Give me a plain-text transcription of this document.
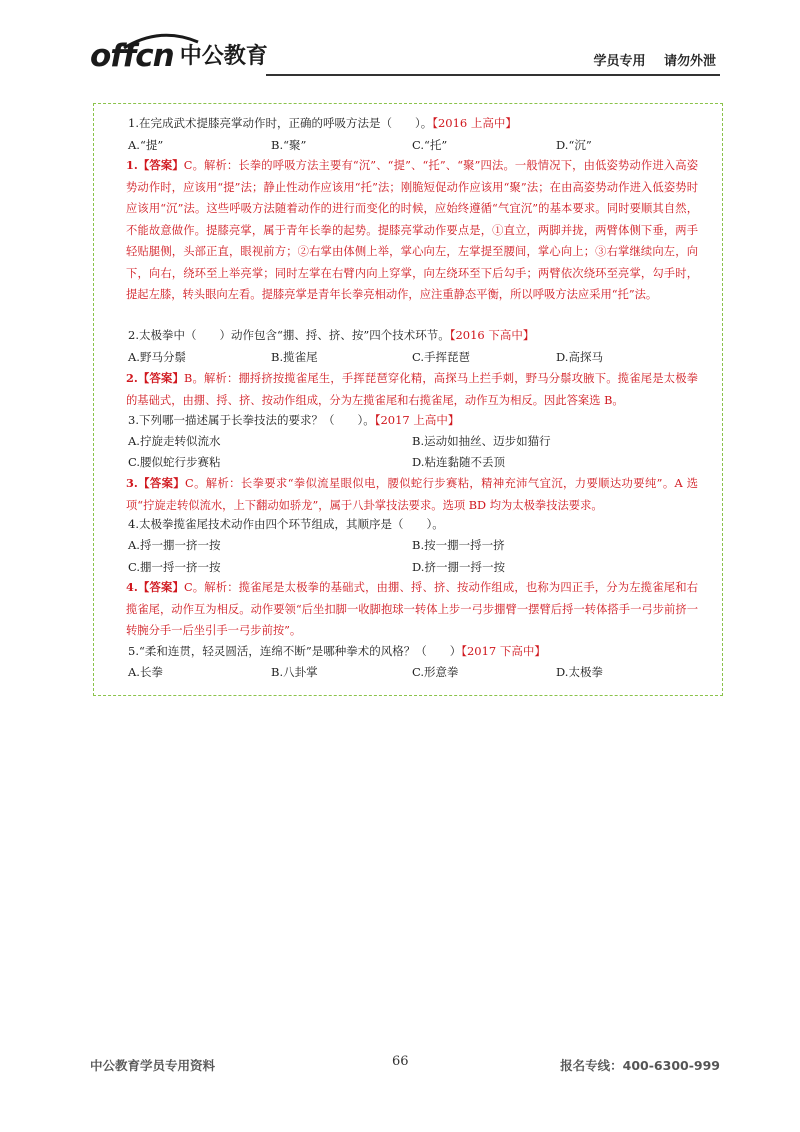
offcn 中公教育	学员专用 请勿外泄
1.在完成武术提膝亮掌动作时，正确的呼吸方法是（　　）。【2016 上高中】
A.“提”	B.“聚”	C.“托”	D.“沉”
1.【答案】C。解析：长拳的呼吸方法主要有“沉”、“提”、“托”、“聚”四法。一般情况下，由低姿势动作进入高姿势动作时，应该用“提”法；静止性动作应该用“托”法；刚脆短促动作应该用“聚”法；在由高姿势动作进入低姿势时应该用“沉”法。这些呼吸方法随着动作的进行而变化的时候，应始终遵循“气宜沉”的基本要求。同时要顺其自然，不能故意做作。提膝亮掌，属于青年长拳的起势。提膝亮掌动作要点是，①直立，两脚并拢，两臂体侧下垂，两手轻贴腿侧，头部正直，眼视前方；②右掌由体侧上举，掌心向左，左掌提至腰间，掌心向上；③右掌继续向左，向下，向右，绕环至上举亮掌；同时左掌在右臂内向上穿掌，向左绕环至下后勾手；两臂依次绕环至亮掌，勾手时，提起左膝，转头眼向左看。提膝亮掌是青年长拳亮相动作，应注重静态平衡，所以呼吸方法应采用“托”法。
2.太极拳中（　　）动作包含“掤、捋、挤、按”四个技术环节。【2016 下高中】
A.野马分鬃	B.揽雀尾	C.手挥琵琶	D.高探马
2.【答案】B。解析：掤捋挤按揽雀尾生，手挥琵琶穿化精，高探马上拦手刺，野马分鬃攻腋下。揽雀尾是太极拳的基础式，由掤、捋、挤、按动作组成，分为左揽雀尾和右揽雀尾，动作互为相反。因此答案选 B。
3.下列哪一描述属于长拳技法的要求？（　　）。【2017 上高中】
A.拧旋走转似流水	B.运动如抽丝、迈步如猫行
C.腰似蛇行步赛粘	D.粘连黏随不丢顶
3.【答案】C。解析：长拳要求“拳似流星眼似电，腰似蛇行步赛粘，精神充沛气宜沉，力要顺达功要纯”。A 选项“拧旋走转似流水，上下翻动如骄龙”，属于八卦掌技法要求。选项 BD 均为太极拳技法要求。
4.太极拳揽雀尾技术动作由四个环节组成，其顺序是（　　）。
A.捋一掤一挤一按	B.按一掤一捋一挤
C.掤一捋一挤一按	D.挤一掤一捋一按
4.【答案】C。解析：揽雀尾是太极拳的基础式，由掤、捋、挤、按动作组成，也称为四正手，分为左揽雀尾和右揽雀尾，动作互为相反。动作要领“后坐扣脚一收脚抱球一转体上步一弓步掤臂一摆臂后捋一转体搭手一弓步前挤一转腕分手一后坐引手一弓步前按”。
5.“柔和连贯，轻灵圆活，连绵不断”是哪种拳术的风格？（　　）【2017 下高中】
A.长拳	B.八卦掌	C.形意拳	D.太极拳
中公教育学员专用资料	66	报名专线：400-6300-999
